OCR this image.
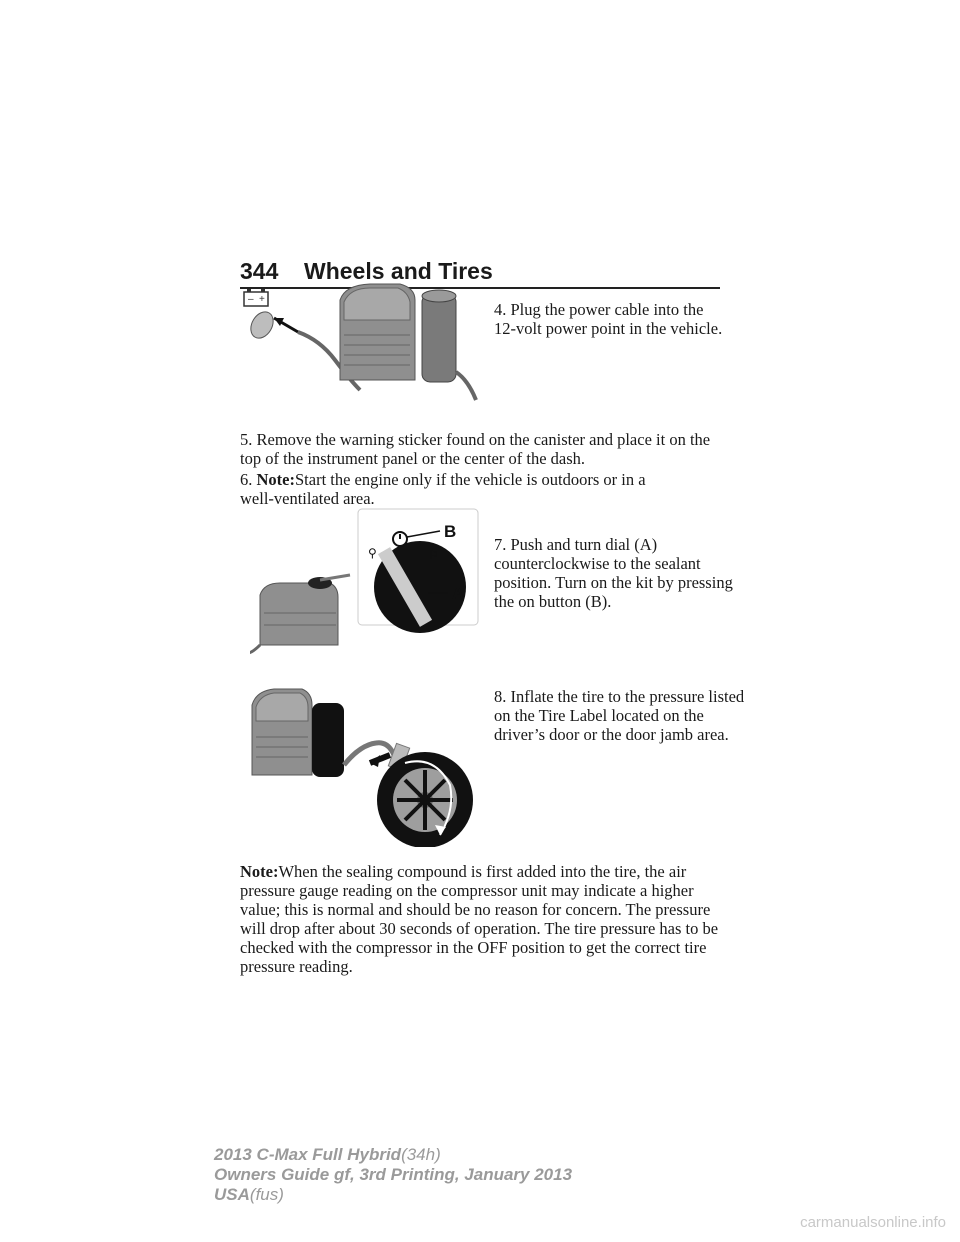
344 Wheels and Tires
– +

4. Plug the power cable into the 12-volt power point in the vehicle.

5. Remove the warning sticker found on the canister and place it on the top of the instrument panel or the center of the dash.

6. Note:Start the engine only if the vehicle is outdoors or in a well-ventilated area.

B
A
⚲	⚐

7. Push and turn dial (A) counterclockwise to the sealant position. Turn on the kit by pressing the on button (B).

8. Inflate the tire to the pressure listed on the Tire Label located on the driver’s door or the door jamb area.

Note:When the sealing compound is first added into the tire, the air pressure gauge reading on the compressor unit may indicate a higher value; this is normal and should be no reason for concern. The pressure will drop after about 30 seconds of operation. The tire pressure has to be checked with the compressor in the OFF position to get the correct tire pressure reading.

2013 C-Max Full Hybrid(34h)
Owners Guide gf, 3rd Printing, January 2013
USA(fus)
carmanualsonline.info
